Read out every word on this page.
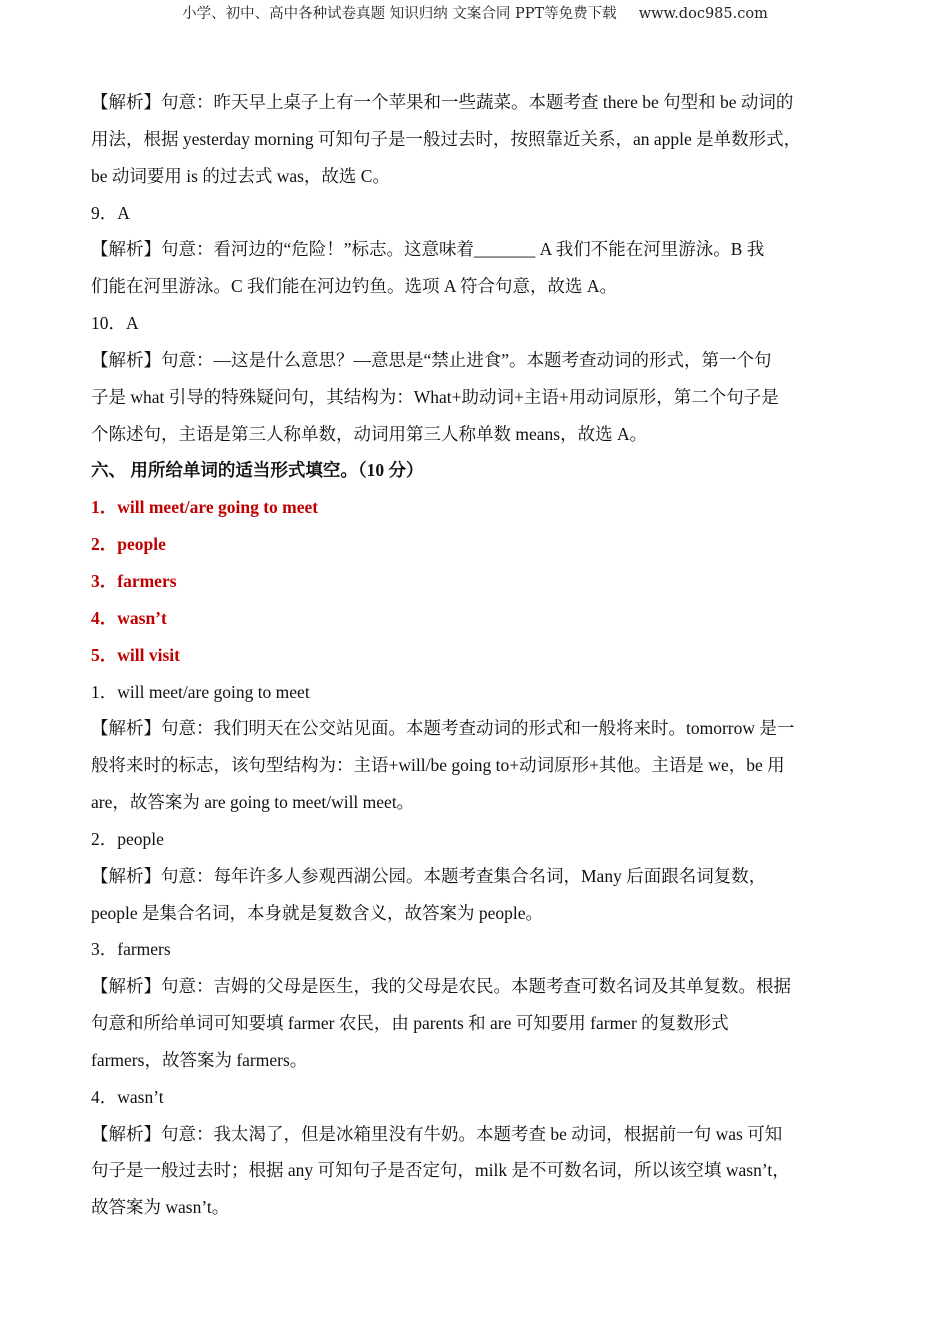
小学、初中、高中各种试卷真题 知识归纳 文案合同 PPT等免费下载 www.doc985.com
【解析】句意：昨天早上桌子上有一个苹果和一些蔬菜。本题考查 there be 句型和 be 动词的
用法，根据 yesterday morning 可知句子是一般过去时，按照靠近关系，an apple 是单数形式，
be 动词要用 is 的过去式 was，故选 C。
9．A
【解析】句意：看河边的“危险！”标志。这意味着_______ A 我们不能在河里游泳。B 我
们能在河里游泳。C 我们能在河边钓鱼。选项 A 符合句意，故选 A。
10．A
【解析】句意：—这是什么意思？—意思是“禁止进食”。本题考查动词的形式，第一个句
子是 what 引导的特殊疑问句，其结构为：What+助动词+主语+用动词原形，第二个句子是
个陈述句，主语是第三人称单数，动词用第三人称单数 means，故选 A。
六、 用所给单词的适当形式填空。（10 分）
1．will meet/are going to meet
2．people
3．farmers
4．wasn’t
5．will visit
1．will meet/are going to meet
【解析】句意：我们明天在公交站见面。本题考查动词的形式和一般将来时。tomorrow 是一
般将来时的标志，该句型结构为：主语+will/be going to+动词原形+其他。主语是 we，be 用
are，故答案为 are going to meet/will meet。
2．people
【解析】句意：每年许多人参观西湖公园。本题考查集合名词，Many 后面跟名词复数，
people 是集合名词，本身就是复数含义，故答案为 people。
3．farmers
【解析】句意：吉姆的父母是医生，我的父母是农民。本题考查可数名词及其单复数。根据
句意和所给单词可知要填 farmer 农民，由 parents 和 are 可知要用 farmer 的复数形式
farmers，故答案为 farmers。
4．wasn’t
【解析】句意：我太渴了，但是冰箱里没有牛奶。本题考查 be 动词，根据前一句 was 可知
句子是一般过去时；根据 any 可知句子是否定句，milk 是不可数名词，所以该空填 wasn’t，
故答案为 wasn’t。
